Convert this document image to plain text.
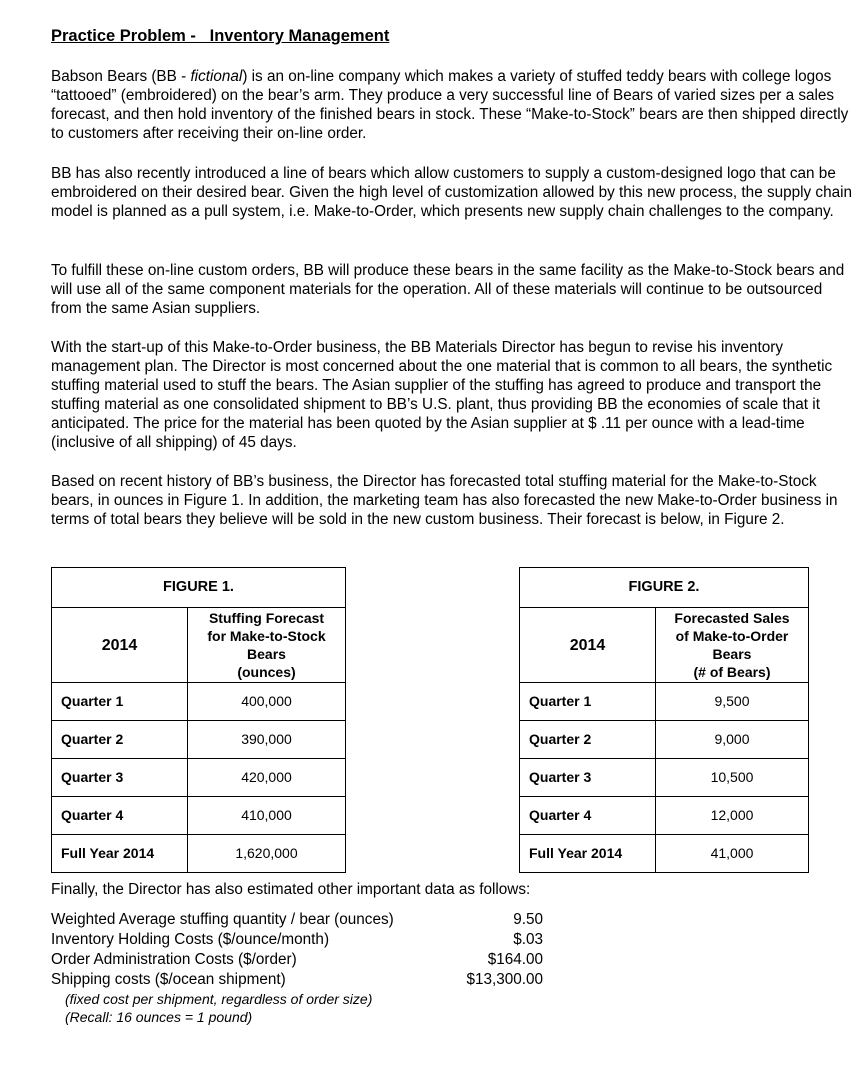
Practice Problem -   Inventory Management

Babson Bears (BB - fictional) is an on-line company which makes a variety of stuffed teddy bears with college logos “tattooed” (embroidered) on the bear’s arm. They produce a very successful line of Bears of varied sizes per a sales forecast, and then hold inventory of the finished bears in stock. These “Make-to-Stock” bears are then shipped directly to customers after receiving their on-line order.

BB has also recently introduced a line of bears which allow customers to supply a custom-designed logo that can be embroidered on their desired bear. Given the high level of customization allowed by this new process, the supply chain model is planned as a pull system, i.e. Make-to-Order, which presents new supply chain challenges to the company.

To fulfill these on-line custom orders, BB will produce these bears in the same facility as the Make-to-Stock bears and will use all of the same component materials for the operation. All of these materials will continue to be outsourced from the same Asian suppliers.

With the start-up of this Make-to-Order business, the BB Materials Director has begun to revise his inventory management plan. The Director is most concerned about the one material that is common to all bears, the synthetic stuffing material used to stuff the bears. The Asian supplier of the stuffing has agreed to produce and transport the stuffing material as one consolidated shipment to BB’s U.S. plant, thus providing BB the economies of scale that it anticipated. The price for the material has been quoted by the Asian supplier at $ .11 per ounce with a lead-time (inclusive of all shipping) of 45 days.

Based on recent history of BB’s business, the Director has forecasted total stuffing material for the Make-to-Stock bears, in ounces in Figure 1. In addition, the marketing team has also forecasted the new Make-to-Order business in terms of total bears they believe will be sold in the new custom business. Their forecast is below, in Figure 2.

FIGURE 1.	
2014	Stuffing Forecast
for Make-to-Stock
Bears
(ounces)

Quarter 1	400,000
Quarter 2	390,000
Quarter 3	420,000
Quarter 4	410,000
Full Year 2014	1,620,000
FIGURE 2.	
2014	Forecasted Sales
of Make-to-Order
Bears
(# of Bears)

Quarter 1	9,500
Quarter 2	9,000
Quarter 3	10,500
Quarter 4	12,000
Full Year 2014	41,000
Finally, the Director has also estimated other important data as follows:
Weighted Average stuffing quantity / bear (ounces)	9.50
Inventory Holding Costs ($/ounce/month)	$.03
Order Administration Costs ($/order)	$164.00
Shipping costs ($/ocean shipment)	$13,300.00
(fixed cost per shipment, regardless of order size)
(Recall: 16 ounces = 1 pound)
